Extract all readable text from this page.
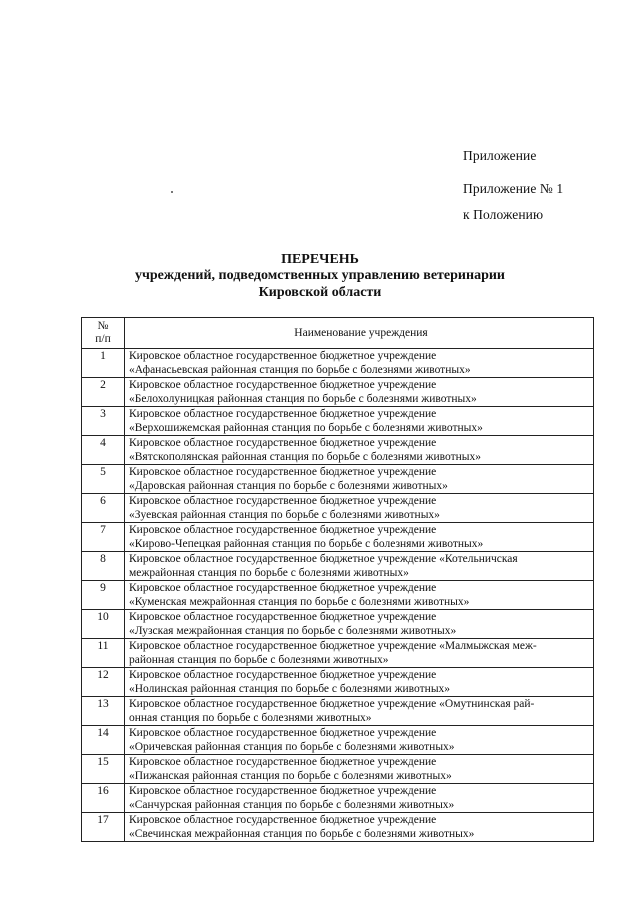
Приложение
Приложение № 1
к Положению
ПЕРЕЧЕНЬ
учреждений, подведомственных управлению ветеринарии
Кировской области
№
п/п	Наименование учреждения
1	Кировское областное государственное бюджетное учреждение
«Афанасьевская районная станция по борьбе с болезнями животных»

2	Кировское областное государственное бюджетное учреждение
«Белохолуницкая районная станция по борьбе с болезнями животных»

3	Кировское областное государственное бюджетное учреждение
«Верхошижемская районная станция по борьбе с болезнями животных»

4	Кировское областное государственное бюджетное учреждение
«Вятскополянская районная станция по борьбе с болезнями животных»

5	Кировское областное государственное бюджетное учреждение
«Даровская районная станция по борьбе с болезнями животных»

6	Кировское областное государственное бюджетное учреждение
«Зуевская районная станция по борьбе с болезнями животных»

7	Кировское областное государственное бюджетное учреждение
«Кирово-Чепецкая районная станция по борьбе с болезнями животных»

8	Кировское областное государственное бюджетное учреждение «Котельничская
межрайонная станция по борьбе с болезнями животных»

9	Кировское областное государственное бюджетное учреждение
«Куменская межрайонная станция по борьбе с болезнями животных»

10	Кировское областное государственное бюджетное учреждение
«Лузская межрайонная станция по борьбе с болезнями животных»

11	Кировское областное государственное бюджетное учреждение «Малмыжская меж-
районная станция по борьбе с болезнями животных»

12	Кировское областное государственное бюджетное учреждение
«Нолинская районная станция по борьбе с болезнями животных»

13	Кировское областное государственное бюджетное учреждение «Омутнинская рай-
онная станция по борьбе с болезнями животных»

14	Кировское областное государственное бюджетное учреждение
«Оричевская районная станция по борьбе с болезнями животных»

15	Кировское областное государственное бюджетное учреждение
«Пижанская районная станция по борьбе с болезнями животных»

16	Кировское областное государственное бюджетное учреждение
«Санчурская районная станция по борьбе с болезнями животных»

17	Кировское областное государственное бюджетное учреждение
«Свечинская межрайонная станция по борьбе с болезнями животных»
